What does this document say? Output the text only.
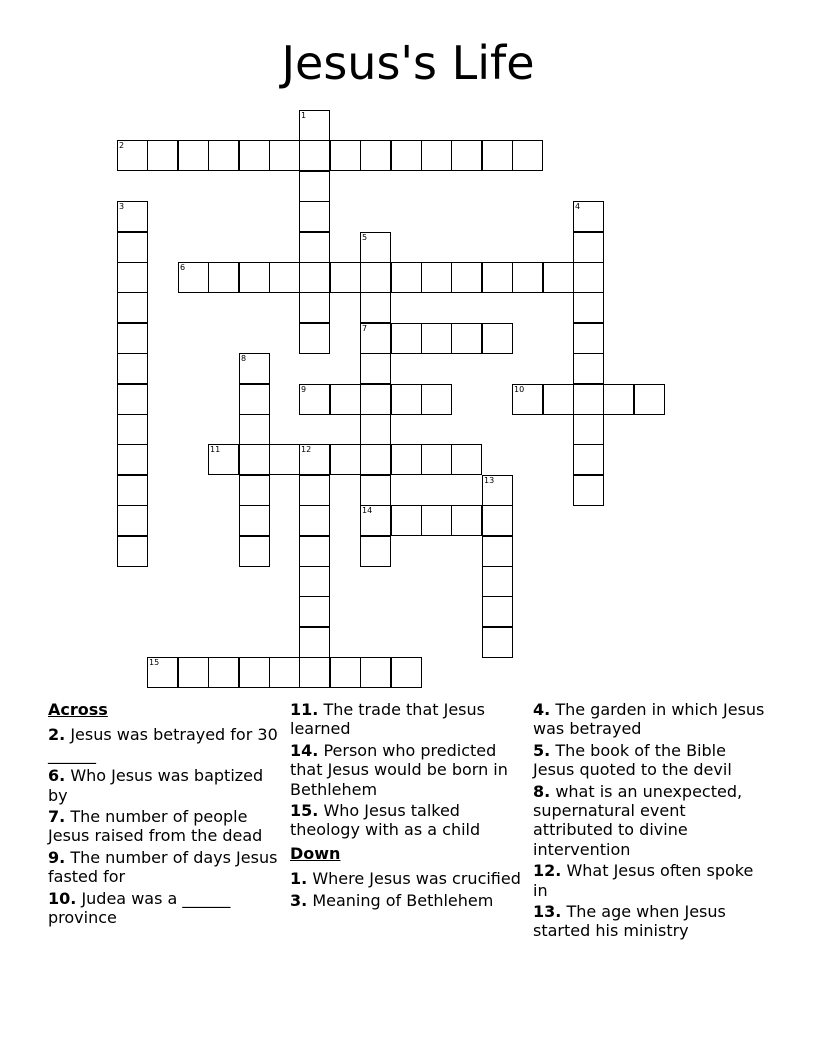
Jesus's Life
1
2
3	4
5
7
14
6
8
9	10
11	12
13
15
Across
2. Jesus was betrayed for 30 ______
6. Who Jesus was baptized by
7. The number of people Jesus raised from the dead
9. The number of days Jesus fasted for
10. Judea was a ______ province
11. The trade that Jesus learned
14. Person who predicted that Jesus would be born in Bethlehem
15. Who Jesus talked theology with as a child
Down
1. Where Jesus was crucified
3. Meaning of Bethlehem
4. The garden in which Jesus was betrayed
5. The book of the Bible Jesus quoted to the devil
8. what is an unexpected, supernatural event attributed to divine intervention
12. What Jesus often spoke in
13. The age when Jesus started his ministry
